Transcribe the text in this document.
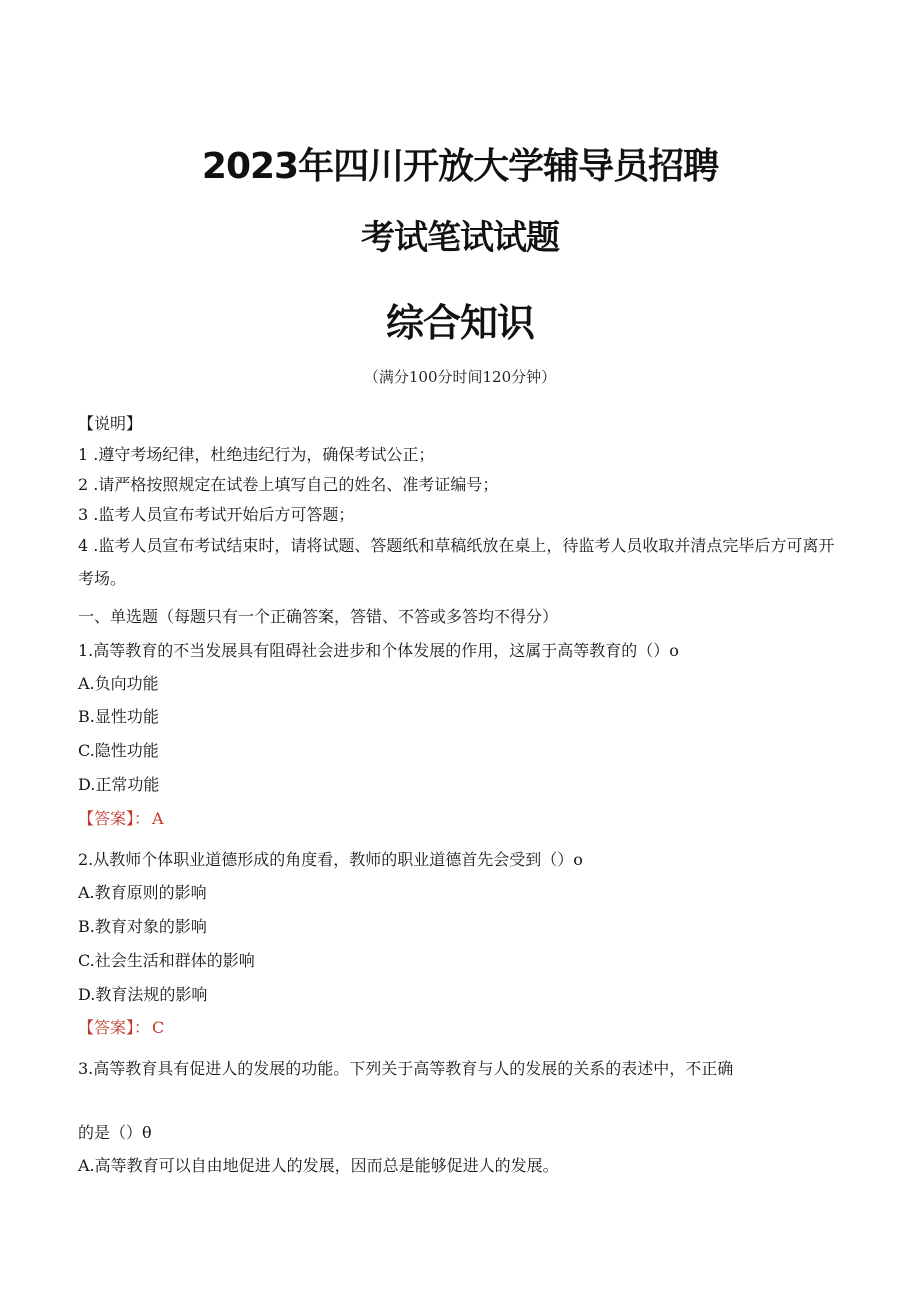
2023年四川开放大学辅导员招聘
考试笔试试题
综合知识
（满分100分时间120分钟）
【说明】
1 .遵守考场纪律，杜绝违纪行为，确保考试公正；
2 .请严格按照规定在试卷上填写自己的姓名、准考证编号；
3 .监考人员宣布考试开始后方可答题；
4 .监考人员宣布考试结束时，请将试题、答题纸和草稿纸放在桌上，待监考人员收取并清点完毕后方可离开考场。
一、单选题（每题只有一个正确答案，答错、不答或多答均不得分）
1.高等教育的不当发展具有阻碍社会进步和个体发展的作用，这属于高等教育的（）o
A.负向功能
B.显性功能
C.隐性功能
D.正常功能
【答案】： A
2.从教师个体职业道德形成的角度看，教师的职业道德首先会受到（）o
A.教育原则的影响
B.教育对象的影响
C.社会生活和群体的影响
D.教育法规的影响
【答案】： C
3.高等教育具有促进人的发展的功能。下列关于高等教育与人的发展的关系的表述中，不正确
的是（）θ
A.高等教育可以自由地促进人的发展，因而总是能够促进人的发展。
